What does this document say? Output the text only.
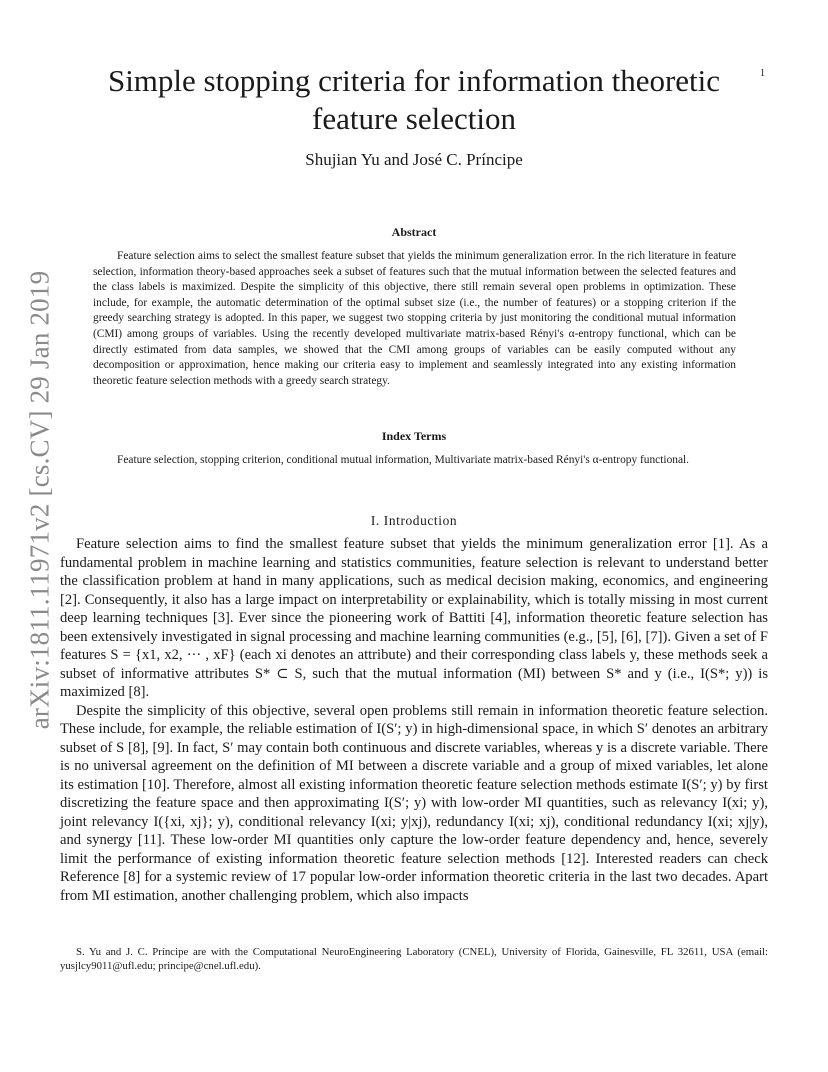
arXiv:1811.11971v2 [cs.CV] 29 Jan 2019
1
Simple stopping criteria for information theoretic feature selection
Shujian Yu and José C. Príncipe
Abstract
Feature selection aims to select the smallest feature subset that yields the minimum generalization error. In the rich literature in feature selection, information theory-based approaches seek a subset of features such that the mutual information between the selected features and the class labels is maximized. Despite the simplicity of this objective, there still remain several open problems in optimization. These include, for example, the automatic determination of the optimal subset size (i.e., the number of features) or a stopping criterion if the greedy searching strategy is adopted. In this paper, we suggest two stopping criteria by just monitoring the conditional mutual information (CMI) among groups of variables. Using the recently developed multivariate matrix-based Rényi's α-entropy functional, which can be directly estimated from data samples, we showed that the CMI among groups of variables can be easily computed without any decomposition or approximation, hence making our criteria easy to implement and seamlessly integrated into any existing information theoretic feature selection methods with a greedy search strategy.
Index Terms
Feature selection, stopping criterion, conditional mutual information, Multivariate matrix-based Rényi's α-entropy functional.
I. Introduction

Feature selection aims to find the smallest feature subset that yields the minimum generalization error [1]. As a fundamental problem in machine learning and statistics communities, feature selection is relevant to understand better the classification problem at hand in many applications, such as medical decision making, economics, and engineering [2]. Consequently, it also has a large impact on interpretability or explainability, which is totally missing in most current deep learning techniques [3]. Ever since the pioneering work of Battiti [4], information theoretic feature selection has been extensively investigated in signal processing and machine learning communities (e.g., [5], [6], [7]). Given a set of F features S = {x1, x2, ··· , xF} (each xi denotes an attribute) and their corresponding class labels y, these methods seek a subset of informative attributes S* ⊂ S, such that the mutual information (MI) between S* and y (i.e., I(S*; y)) is maximized [8].

Despite the simplicity of this objective, several open problems still remain in information theoretic feature selection. These include, for example, the reliable estimation of I(S′; y) in high-dimensional space, in which S′ denotes an arbitrary subset of S [8], [9]. In fact, S′ may contain both continuous and discrete variables, whereas y is a discrete variable. There is no universal agreement on the definition of MI between a discrete variable and a group of mixed variables, let alone its estimation [10]. Therefore, almost all existing information theoretic feature selection methods estimate I(S′; y) by first discretizing the feature space and then approximating I(S′; y) with low-order MI quantities, such as relevancy I(xi; y), joint relevancy I({xi, xj}; y), conditional relevancy I(xi; y|xj), redundancy I(xi; xj), conditional redundancy I(xi; xj|y), and synergy [11]. These low-order MI quantities only capture the low-order feature dependency and, hence, severely limit the performance of existing information theoretic feature selection methods [12]. Interested readers can check Reference [8] for a systemic review of 17 popular low-order information theoretic criteria in the last two decades. Apart from MI estimation, another challenging problem, which also impacts

S. Yu and J. C. Príncipe are with the Computational NeuroEngineering Laboratory (CNEL), University of Florida, Gainesville, FL 32611, USA (email: yusjlcy9011@ufl.edu; principe@cnel.ufl.edu).
